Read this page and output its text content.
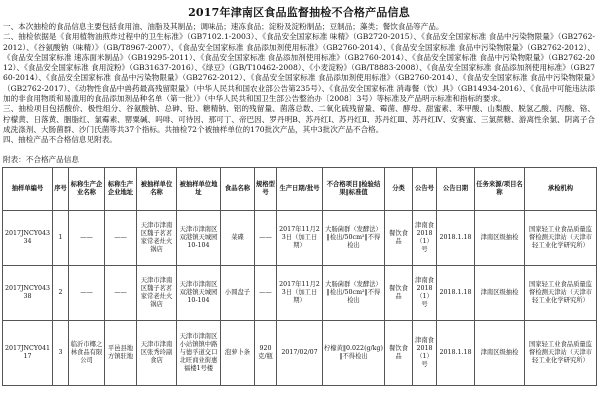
2017年津南区食品监督抽检不合格产品信息

一、本次抽检的食品信息主要包括食用油、油脂及其制品；调味品；速冻食品；淀粉及淀粉制品；豆制品；藻类；餐饮食品等产品。

二、抽检依据是《食用植物油煎炸过程中的卫生标准》（GB7102.1-2003）、《食品安全国家标准 味精》（GB2720-2015）、《食品安全国家标准 食品中污染物限量》（GB2762-2012）、《谷氨酸钠（味精）》（GB/T8967-2007）、《食品安全国家标准 食品添加剂使用标准》（GB2760-2014）、《食品安全国家标准 食品中污染物限量》（GB2762-2012）、《食品安全国家标准 速冻面米制品》（GB19295-2011）、《食品安全国家标准 食品添加剂使用标准》（GB2760-2014）、《食品安全国家标准 食品中污染物限量》（GB2762-2012）、《食品安全国家标准 食用淀粉》（GB31637-2016）、《绿豆》（GB/T10462-2008）、《小麦淀粉》（GB/T8883-2008）、《食品安全国家标准 食品添加剂使用标准》（GB2760-2014）、《食品安全国家标准 食品中污染物限量》（GB2762-2012）、《食品安全国家标准 食品添加剂使用标准》（GB2760-2014）、《食品安全国家标准 食品中污染物限量》（GB2762-2017）、《动物性食品中兽药最高残留限量》（中华人民共和国农业部公告第235号）、《食品安全国家标准 消毒餐（饮）具》（GB14934-2016）、《食品中可能违法添加的非食用物质和易滥用的食品添加剂品种名单（第一批）》（中华人民共和国卫生部公告整治办〔2008〕3号）等标准及产品明示标准和指标的要求。

三、抽检项目包括酸价、极性组分、谷氨酸钠、总砷、铅、糖精钠、铝的残留量、菌落总数、二氧化硫残留量、霉菌、酵母、甜蜜素、苯甲酸、山梨酸、脱氢乙酸、丙酸、铬、柠檬黄、日落黄、胭脂红、氯霉素、罂粟碱、吗啡、可待因、那可丁、帝巴因、罗丹明B、苏丹红Ⅰ、苏丹红Ⅱ、苏丹红Ⅲ、苏丹红Ⅳ、安赛蜜、三氯蔗糖、游离性余氯、阴离子合成洗涤剂、大肠菌群、沙门氏菌等共37个指标。共抽检72个被抽样单位的170批次产品，其中3批次产品不合格。

四、抽检产品不合格信息见附表。

附表：不合格产品信息
抽样单编号	序号	标称生产企业名称	标称生产企业地址	被抽样单位名称	被抽样单位地址	食品名称	规格型号	生产日期/批号	不合格项目‖检验结果‖标准值	分类	公告号	公告日期	任务来源/项目名称	承检机构
2017JNCY04334	1	——	——	天津市津南区魏子茗茗家常老灶火锅店	天津市津南区双港镇天城园10-104	菜碟	——	2017年11月23日（加工日期）	大肠菌群（发酵法）‖检出/50cm²‖不得检出	餐饮食品	津南食2018（1）号	2018.1.18	津南区级抽检	国家轻工业食品质量监督检测天津站（天津市轻工业化学研究所）
2017JNCY04338	2	——	——	天津市津南区魏子茗茗家常老灶火锅店	天津市津南区双港镇天城园10-104	小圆盘子	——	2017年11月23日（加工日期）	大肠菌群（发酵法）‖检出/50cm²‖不得检出	餐饮食品	津南食2018（1）号	2018.1.18	津南区级抽检	国家轻工业食品质量监督检测天津站（天津市轻工业化学研究所）
2017JNCY04117	3	临沂市椰之林食品有限公司	平邑县地方镇驻地	天津市津南区张秀玲副食店	天津市津南区小站镇镇中路与德孚道交口北旺商业街惠福楼1号楼	泡萝卜条	920克/瓶	2017/02/07	柠檬黄‖0.022(g/kg)‖不得检出	餐饮食品	津南食2018（1）号	2018.1.18	津南区级抽检	国家轻工业食品质量监督检测天津站（天津市轻工业化学研究所）
